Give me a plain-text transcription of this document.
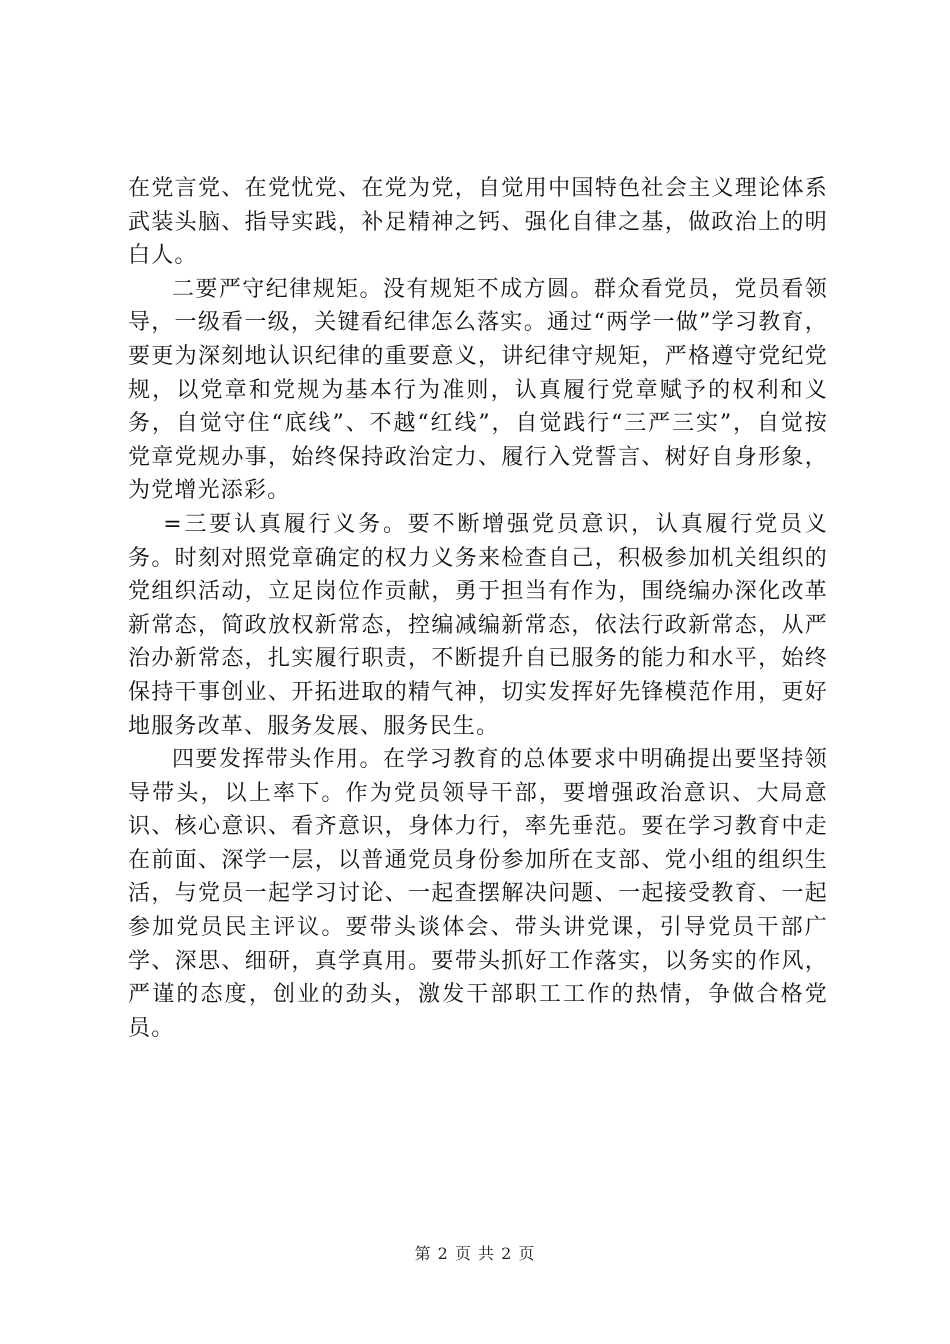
在党言党、在党忧党、在党为党，自觉用中国特色社会主义理论体系武装头脑、指导实践，补足精神之钙、强化自律之基，做政治上的明白人。

二要严守纪律规矩。没有规矩不成方圆。群众看党员，党员看领导，一级看一级，关键看纪律怎么落实。通过“两学一做”学习教育，要更为深刻地认识纪律的重要意义，讲纪律守规矩，严格遵守党纪党规，以党章和党规为基本行为准则，认真履行党章赋予的权利和义务，自觉守住“底线”、不越“红线”，自觉践行“三严三实”，自觉按党章党规办事，始终保持政治定力、履行入党誓言、树好自身形象，为党增光添彩。

=三要认真履行义务。要不断增强党员意识，认真履行党员义务。时刻对照党章确定的权力义务来检查自己，积极参加机关组织的党组织活动，立足岗位作贡献，勇于担当有作为，围绕编办深化改革新常态，简政放权新常态，控编减编新常态，依法行政新常态，从严治办新常态，扎实履行职责，不断提升自已服务的能力和水平，始终保持干事创业、开拓进取的精气神，切实发挥好先锋模范作用，更好地服务改革、服务发展、服务民生。

四要发挥带头作用。在学习教育的总体要求中明确提出要坚持领导带头，以上率下。作为党员领导干部，要增强政治意识、大局意识、核心意识、看齐意识，身体力行，率先垂范。要在学习教育中走在前面、深学一层，以普通党员身份参加所在支部、党小组的组织生活，与党员一起学习讨论、一起查摆解决问题、一起接受教育、一起参加党员民主评议。要带头谈体会、带头讲党课，引导党员干部广学、深思、细研，真学真用。要带头抓好工作落实，以务实的作风，严谨的态度，创业的劲头，激发干部职工工作的热情，争做合格党员。

第 2 页 共 2 页
